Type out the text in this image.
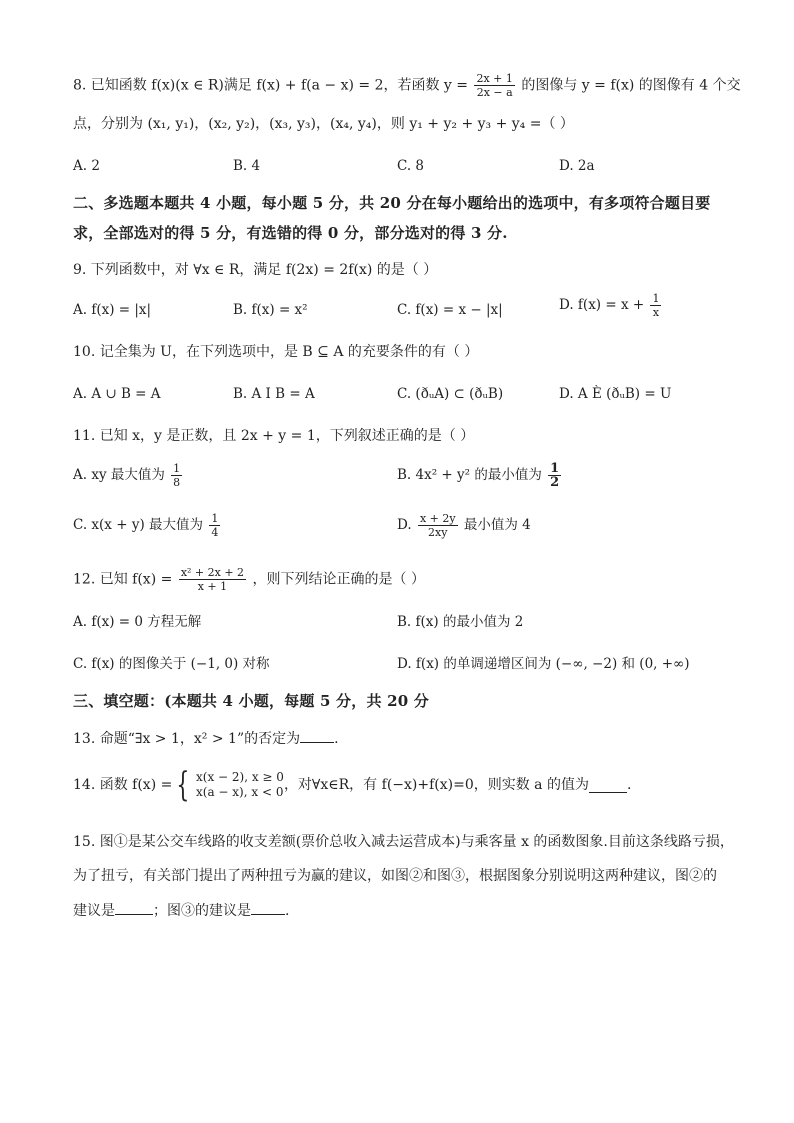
8. 已知函数 f(x)(x ∈ R)满足 f(x) + f(a − x) = 2，若函数 $y = \frac{2x + 1}{2x - a}$ 的图像与 y = f(x) 的图像有 4 个交
点，分别为 (x₁, y₁)，(x₂, y₂)，(x₃, y₃)，(x₄, y₄)，则 y₁ + y₂ + y₃ + y₄ =（ ）
A. 2	B. 4	C. 8	D. 2a
二、多选题本题共 4 小题，每小题 5 分，共 20 分在每小题给出的选项中，有多项符合题目要
求，全部选对的得 5 分，有选错的得 0 分，部分选对的得 3 分.
9. 下列函数中，对 ∀x ∈ R，满足 f(2x) = 2f(x) 的是（ ）
A. f(x) = |x|	B. f(x) = x²	C. f(x) = x − |x|	D. $f(x) = x + \frac{1}{x}$
10. 记全集为 U，在下列选项中，是 B ⊆ A 的充要条件的有（ ）
A. A ∪ B = A	B. A I B = A	C. (ðᵤA) ⊂ (ðᵤB)	D. A È (ðᵤB) = U
11. 已知 x，y 是正数，且 2x + y = 1，下列叙述正确的是（ ）
A. xy 最大值为 $\frac{1}{8}$	B. 4x² + y² 的最小值为 $\frac{1}{2}$
C. x(x + y) 最大值为 $\frac{1}{4}$	D. $\frac{x + 2y}{2xy}$ 最小值为 4
12. 已知 $f(x) = \frac{\text{x² + 2x + 2}}{x + 1}$ ，则下列结论正确的是（ ）
A. f(x) = 0 方程无解	B. f(x) 的最小值为 2
C. f(x) 的图像关于 (−1, 0) 对称	D. f(x) 的单调递增区间为 (−∞, −2) 和 (0, +∞)
三、填空题：(本题共 4 小题，每题 5 分，共 20 分
13. 命题“∃x > 1，x² > 1”的否定为 .
14. 函数 f(x) = { x(x − 2), x ≥ 0
x(a − x), x < 0 ，对∀x∈R，有 f(−x)+f(x)=0，则实数 a 的值为	.
15. 图①是某公交车线路的收支差额(票价总收入减去运营成本)与乘客量 x 的函数图象.目前这条线路亏损，
为了扭亏，有关部门提出了两种扭亏为赢的建议，如图②和图③，根据图象分别说明这两种建议，图②的
建议是	；图③的建议是 .
